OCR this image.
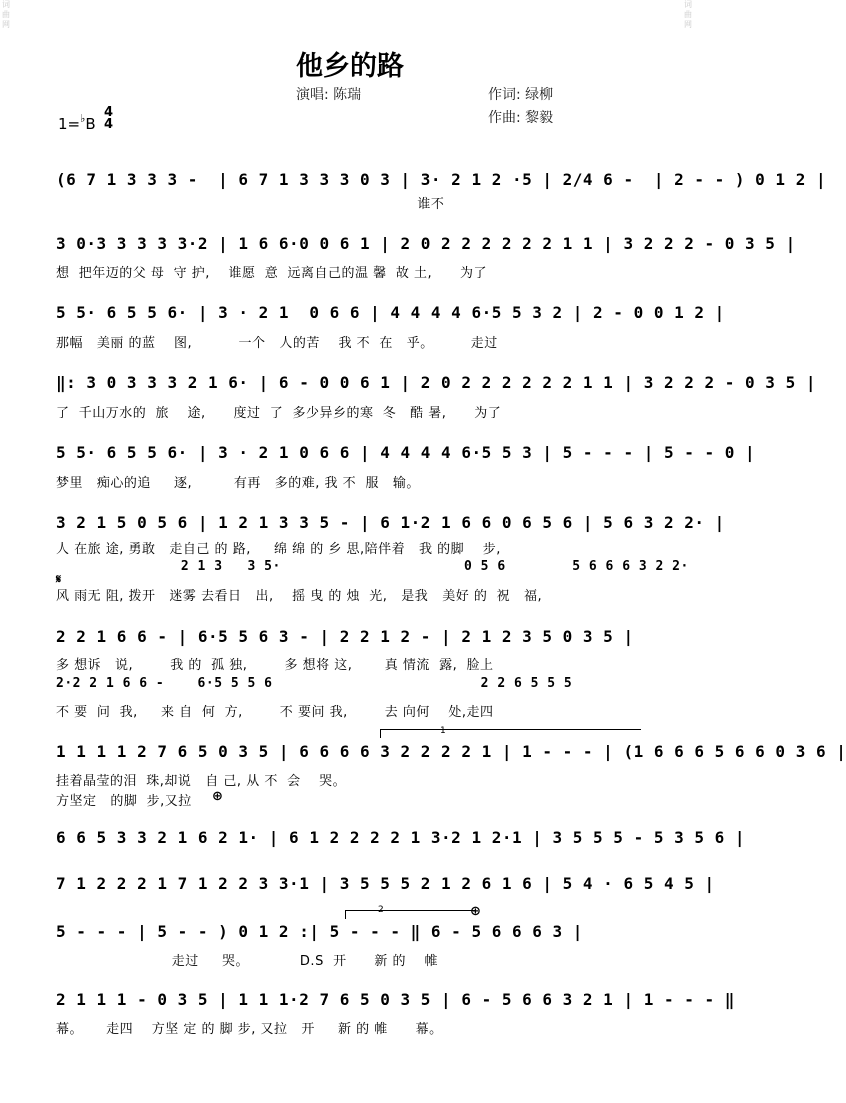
词
曲
网
词
曲
网
他乡的路
演唱: 陈瑞	作词: 绿柳
作曲: 黎毅
1=♭B
4
4
(6 7 1 3 3 3 -  | 6 7 1 3 3 3 0 3 | 3· 2 1 2 ·5 | 2/4 6 -  | 2 - - ) 0 1 2 |
谁不
3 0·3 3 3 3 3·2 | 1 6 6·0 0 6 1 | 2 0 2 2 2 2 2 2 1 1 | 3 2 2 2 - 0 3 5 |
想  把年迈的父 母  守 护,    谁愿  意  远离自己的温 馨  故 土,      为了
5 5· 6 5 5 6· | 3 · 2 1  0 6 6 | 4 4 4 4 6·5 5 3 2 | 2 - 0 0 1 2 |
那幅   美丽 的蓝    图,          一个   人的苦    我 不  在   乎。        走过
‖: 3 0 3 3 3 2 1 6· | 6 - 0 0 6 1 | 2 0 2 2 2 2 2 2 1 1 | 3 2 2 2 - 0 3 5 |
了  千山万水的  旅    途,      度过  了  多少异乡的寒  冬   酷 暑,      为了
5 5· 6 5 5 6· | 3 · 2 1 0 6 6 | 4 4 4 4 6·5 5 3 | 5 - - - | 5 - - 0 |
梦里   痴心的追     逐,         有再   多的难, 我 不  服   输。
3 2 1 5 0 5 6 | 1 2 1 3 3 5 - | 6 1·2 1 6 6 0 6 5 6 | 5 6 3 2 2· |
人 在旅 途, 勇敢   走自己 的 路,     绵 绵 的 乡 思,陪伴着   我 的脚    步,
2 1 3   3 5·                      0 5 6        5 6 6 6 3 2 2·
𝄋
风 雨无 阻, 拨开   迷雾 去看日   出,    摇 曳 的 烛  光,   是我   美好 的  祝   福,
2 2 1 6 6 - | 6·5 5 6 3 - | 2 2 1 2 - | 2 1 2 3 5 0 3 5 |
多 想诉   说,        我 的  孤 独,        多 想将 这,       真 情流  露,  脸上
2·2 2 1 6 6 -    6·5 5 5 6                         2 2 6 5 5 5
不 要  问  我,     来 自  何  方,        不 要问 我,        去 向何    处,走四
1
1 1 1 1 2 7 6 5 0 3 5 | 6 6 6 6 3 2 2 2 2 1 | 1 - - - | (1 6 6 6 5 6 6 0 3 6 |
挂着晶莹的泪  珠,却说   自 己, 从 不  会    哭。
方坚定   的脚  步,又拉	⊕
6 6 5 3 3 2 1 6 2 1· | 6 1 2 2 2 2 1 3·2 1 2·1 | 3 5 5 5 - 5 3 5 6 |
7 1 2 2 2 1 7 1 2 2 3 3·1 | 3 5 5 5 2 1 2 6 1 6 | 5 4 · 6 5 4 5 |
2	⊕
5 - - - | 5 - - ) 0 1 2 :| 5 - - - ‖ 6 - 5 6 6 6 3 |
走过     哭。           D.S  开      新 的    帷
2 1 1 1 - 0 3 5 | 1 1 1·2 7 6 5 0 3 5 | 6 - 5 6 6 3 2 1 | 1 - - - ‖
幕。     走四    方坚 定 的 脚 步, 又拉   开     新 的 帷      幕。
